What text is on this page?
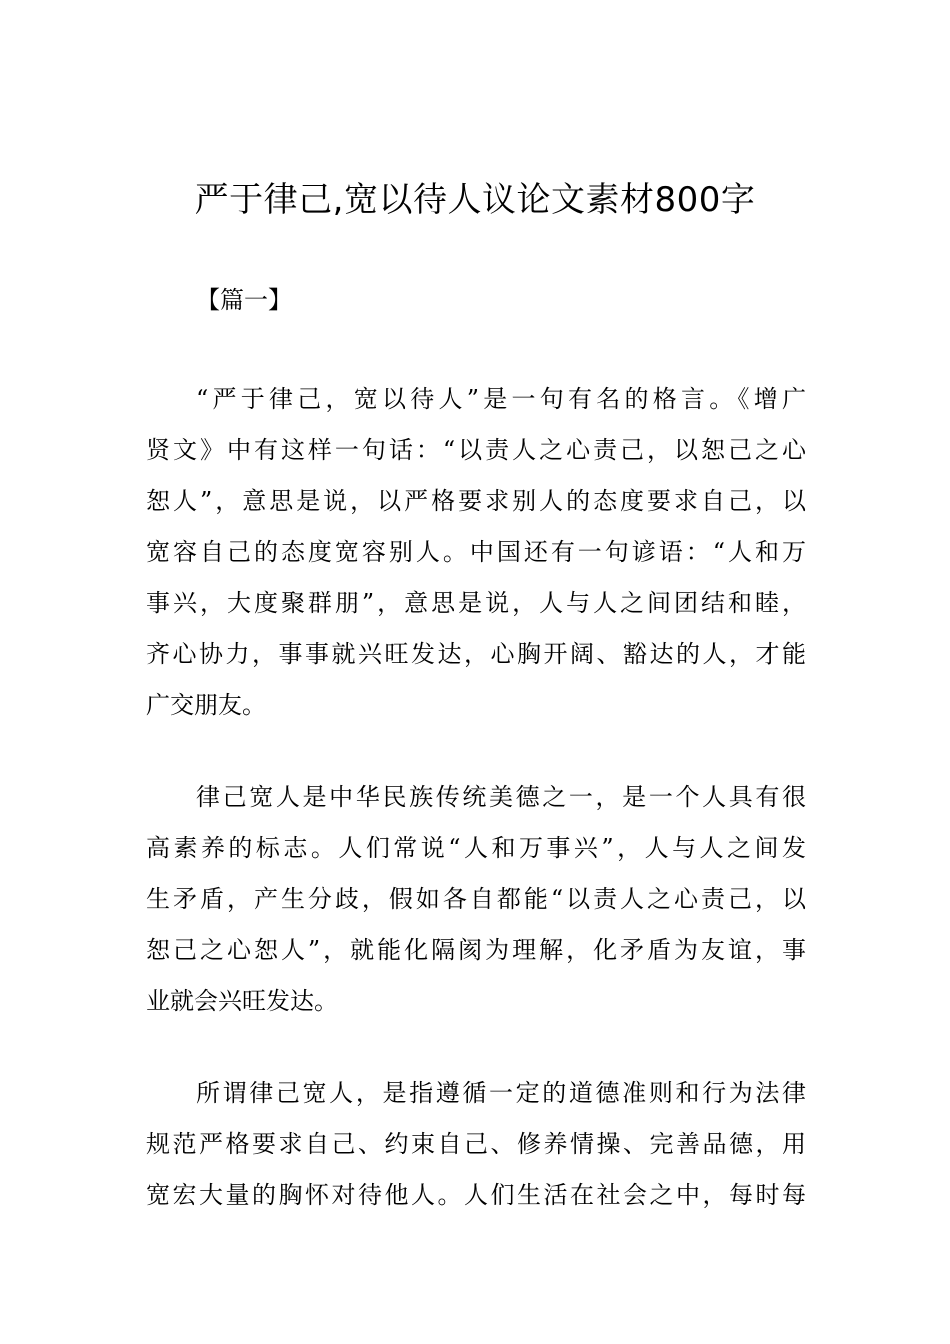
严于律己,宽以待人议论文素材800字
【篇一】
“严于律己，宽以待人”是一句有名的格言。《增广
贤文》中有这样一句话：“以责人之心责己，以恕己之心
恕人”，意思是说，以严格要求别人的态度要求自己，以
宽容自己的态度宽容别人。中国还有一句谚语：“人和万
事兴，大度聚群朋”，意思是说，人与人之间团结和睦，
齐心协力，事事就兴旺发达，心胸开阔、豁达的人，才能
广交朋友。
律己宽人是中华民族传统美德之一，是一个人具有很
高素养的标志。人们常说“人和万事兴”，人与人之间发
生矛盾，产生分歧，假如各自都能“以责人之心责己，以
恕己之心恕人”，就能化隔阂为理解，化矛盾为友谊，事
业就会兴旺发达。
所谓律己宽人，是指遵循一定的道德准则和行为法律
规范严格要求自己、约束自己、修养情操、完善品德，用
宽宏大量的胸怀对待他人。人们生活在社会之中，每时每
